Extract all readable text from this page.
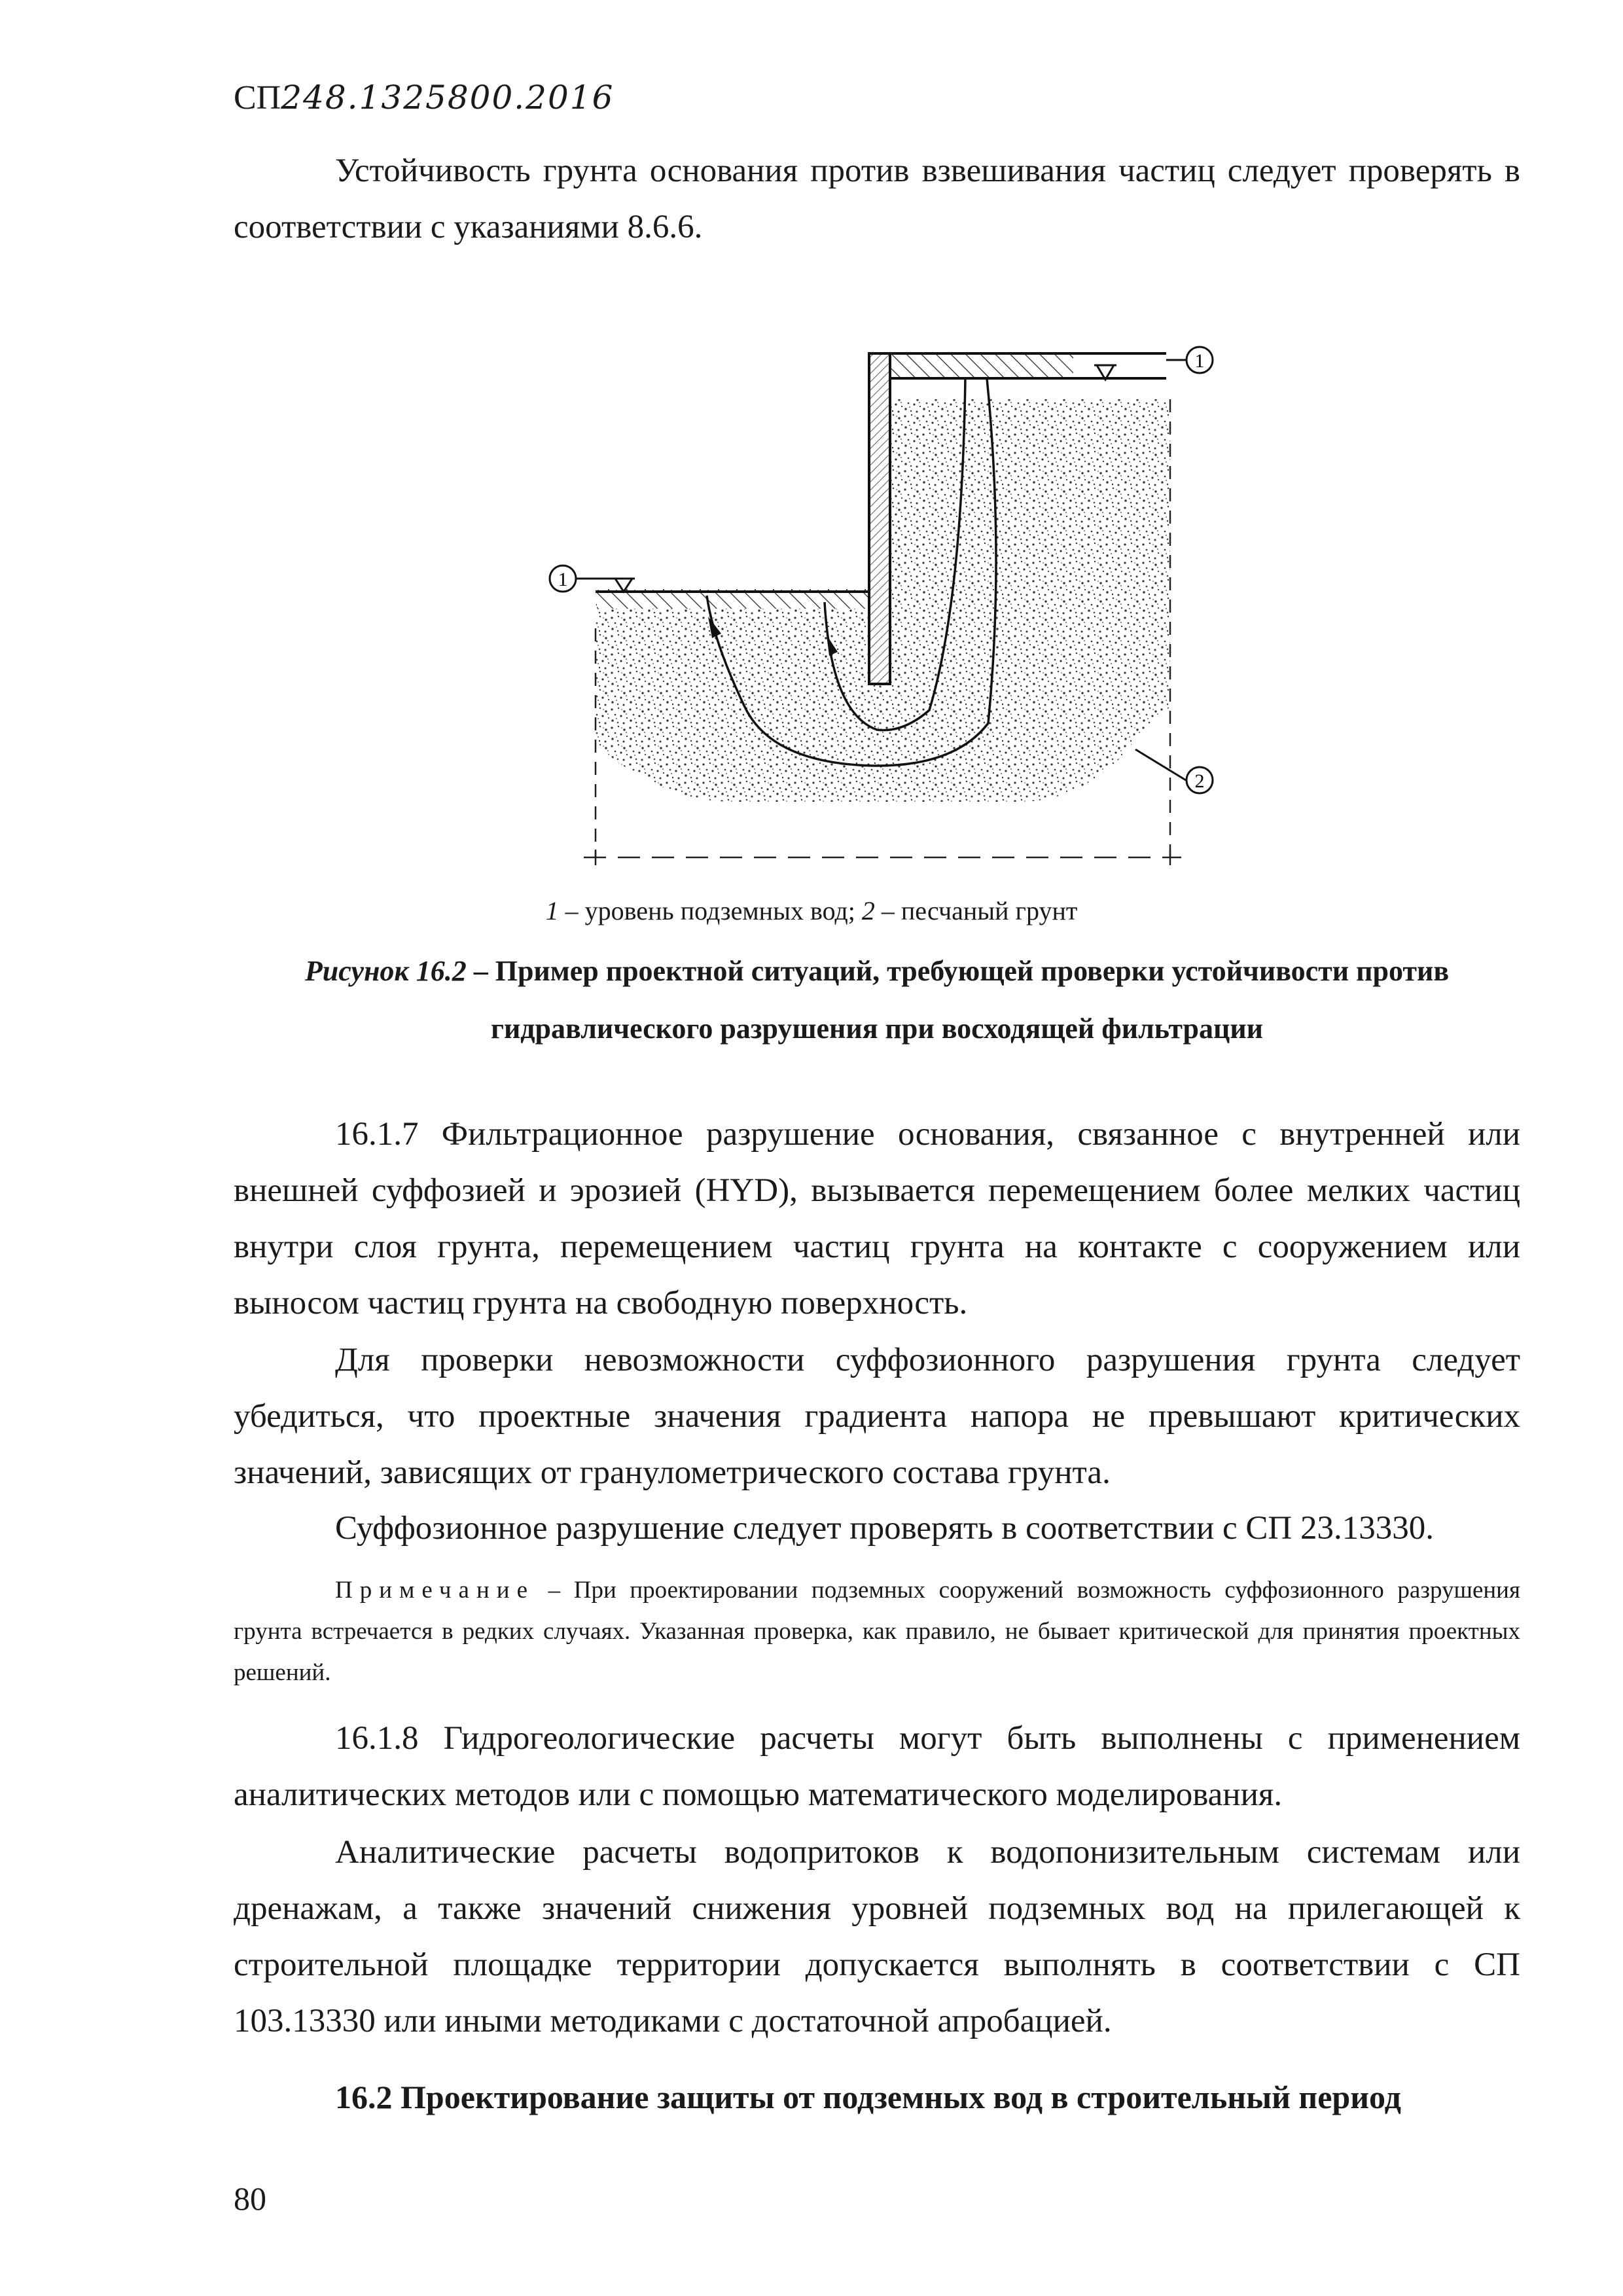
СП248.1325800.2016
Устойчивость грунта основания против взвешивания частиц следует проверять в соответствии с указаниями 8.6.6.
1
1
2
1 – уровень подземных вод; 2 – песчаный грунт
Рисунок 16.2 – Пример проектной ситуаций, требующей проверки устойчивости против гидравлического разрушения при восходящей фильтрации
16.1.7 Фильтрационное разрушение основания, связанное с внутренней или внешней суффозией и эрозией (HYD), вызывается перемещением более мелких частиц внутри слоя грунта, перемещением частиц грунта на контакте с сооружением или выносом частиц грунта на свободную поверхность.
Для проверки невозможности суффозионного разрушения грунта следует убедиться, что проектные значения градиента напора не превышают критических значений, зависящих от гранулометрического состава грунта.
Суффозионное разрушение следует проверять в соответствии с СП 23.13330.
Примечание – При проектировании подземных сооружений возможность суффозионного разрушения грунта встречается в редких случаях. Указанная проверка, как правило, не бывает критической для принятия проектных решений.
16.1.8 Гидрогеологические расчеты могут быть выполнены с применением аналитических методов или с помощью математического моделирования.
Аналитические расчеты водопритоков к водопонизительным системам или дренажам, а также значений снижения уровней подземных вод на прилегающей к строительной площадке территории допускается выполнять в соответствии с СП 103.13330 или иными методиками с достаточной апробацией.
16.2 Проектирование защиты от подземных вод в строительный период
80
